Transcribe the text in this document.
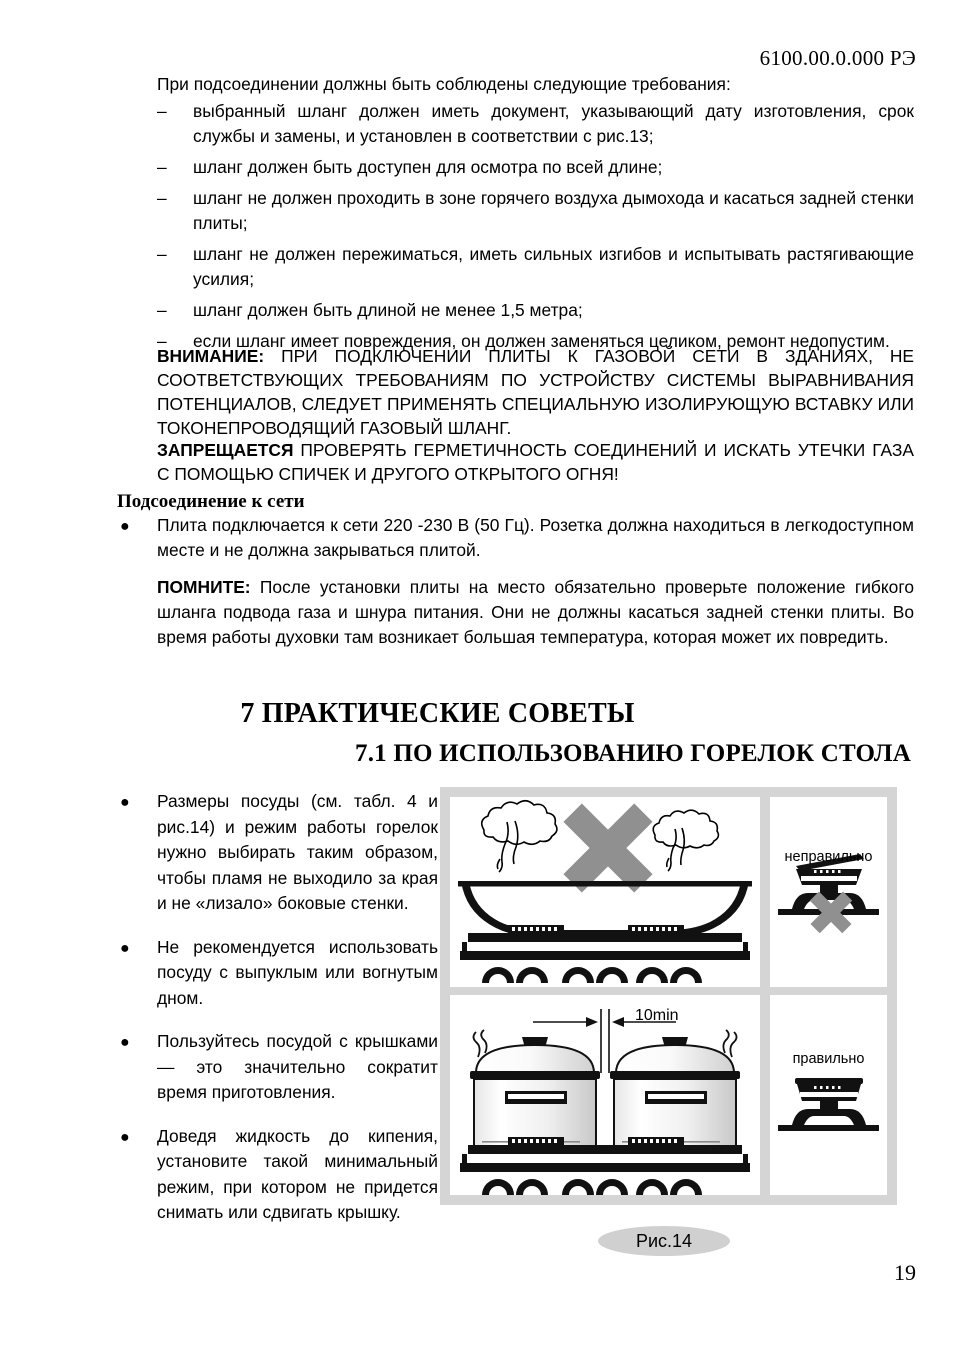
6100.00.0.000 РЭ
При подсоединении должны быть соблюдены следующие требования:
– выбранный шланг должен иметь документ, указывающий дату изготовления, срок службы и замены, и установлен в соответствии с рис.13;
– шланг должен быть доступен для осмотра по всей длине;
– шланг не должен проходить в зоне горячего воздуха дымохода и касаться задней стенки плиты;
– шланг не должен пережиматься, иметь сильных изгибов и испытывать растягивающие усилия;
– шланг должен быть длиной не менее 1,5 метра;
– если шланг имеет повреждения, он должен заменяться целиком, ремонт недопустим.
ВНИМАНИЕ: ПРИ ПОДКЛЮЧЕНИИ ПЛИТЫ К ГАЗОВОЙ СЕТИ В ЗДАНИЯХ, НЕ СООТВЕТСТВУЮЩИХ ТРЕБОВАНИЯМ ПО УСТРОЙСТВУ СИСТЕМЫ ВЫРАВНИВАНИЯ ПОТЕНЦИАЛОВ, СЛЕДУЕТ ПРИМЕНЯТЬ СПЕЦИАЛЬНУЮ ИЗОЛИРУЮЩУЮ ВСТАВКУ ИЛИ ТОКОНЕПРОВОДЯЩИЙ ГАЗОВЫЙ ШЛАНГ.
ЗАПРЕЩАЕТСЯ ПРОВЕРЯТЬ ГЕРМЕТИЧНОСТЬ СОЕДИНЕНИЙ И ИСКАТЬ УТЕЧКИ ГАЗА С ПОМОЩЬЮ СПИЧЕК И ДРУГОГО ОТКРЫТОГО ОГНЯ!
Подсоединение к сети
● Плита подключается к сети 220 -230 В (50 Гц). Розетка должна находиться в легкодоступном месте и не должна закрываться плитой.
ПОМНИТЕ: После установки плиты на место обязательно проверьте положение гибкого шланга подвода газа и шнура питания. Они не должны касаться задней стенки плиты. Во время работы духовки там возникает большая температура, которая может их повредить.
7 ПРАКТИЧЕСКИЕ СОВЕТЫ
7.1 ПО ИСПОЛЬЗОВАНИЮ ГОРЕЛОК СТОЛА
● Размеры посуды (см. табл. 4 и рис.14) и режим работы горелок нужно выбирать таким образом, чтобы пламя не выходило за края и не «лизало» боковые стенки.
● Не рекомендуется использовать посуду с выпуклым или вогнутым дном.
● Пользуйтесь посудой с крышками — это значительно сократит время приготовления.
● Доведя жидкость до кипения, установите такой минимальный режим, при котором не придется снимать или сдвигать крышку.
неправильно
10min
правильно
Рис.14
19
